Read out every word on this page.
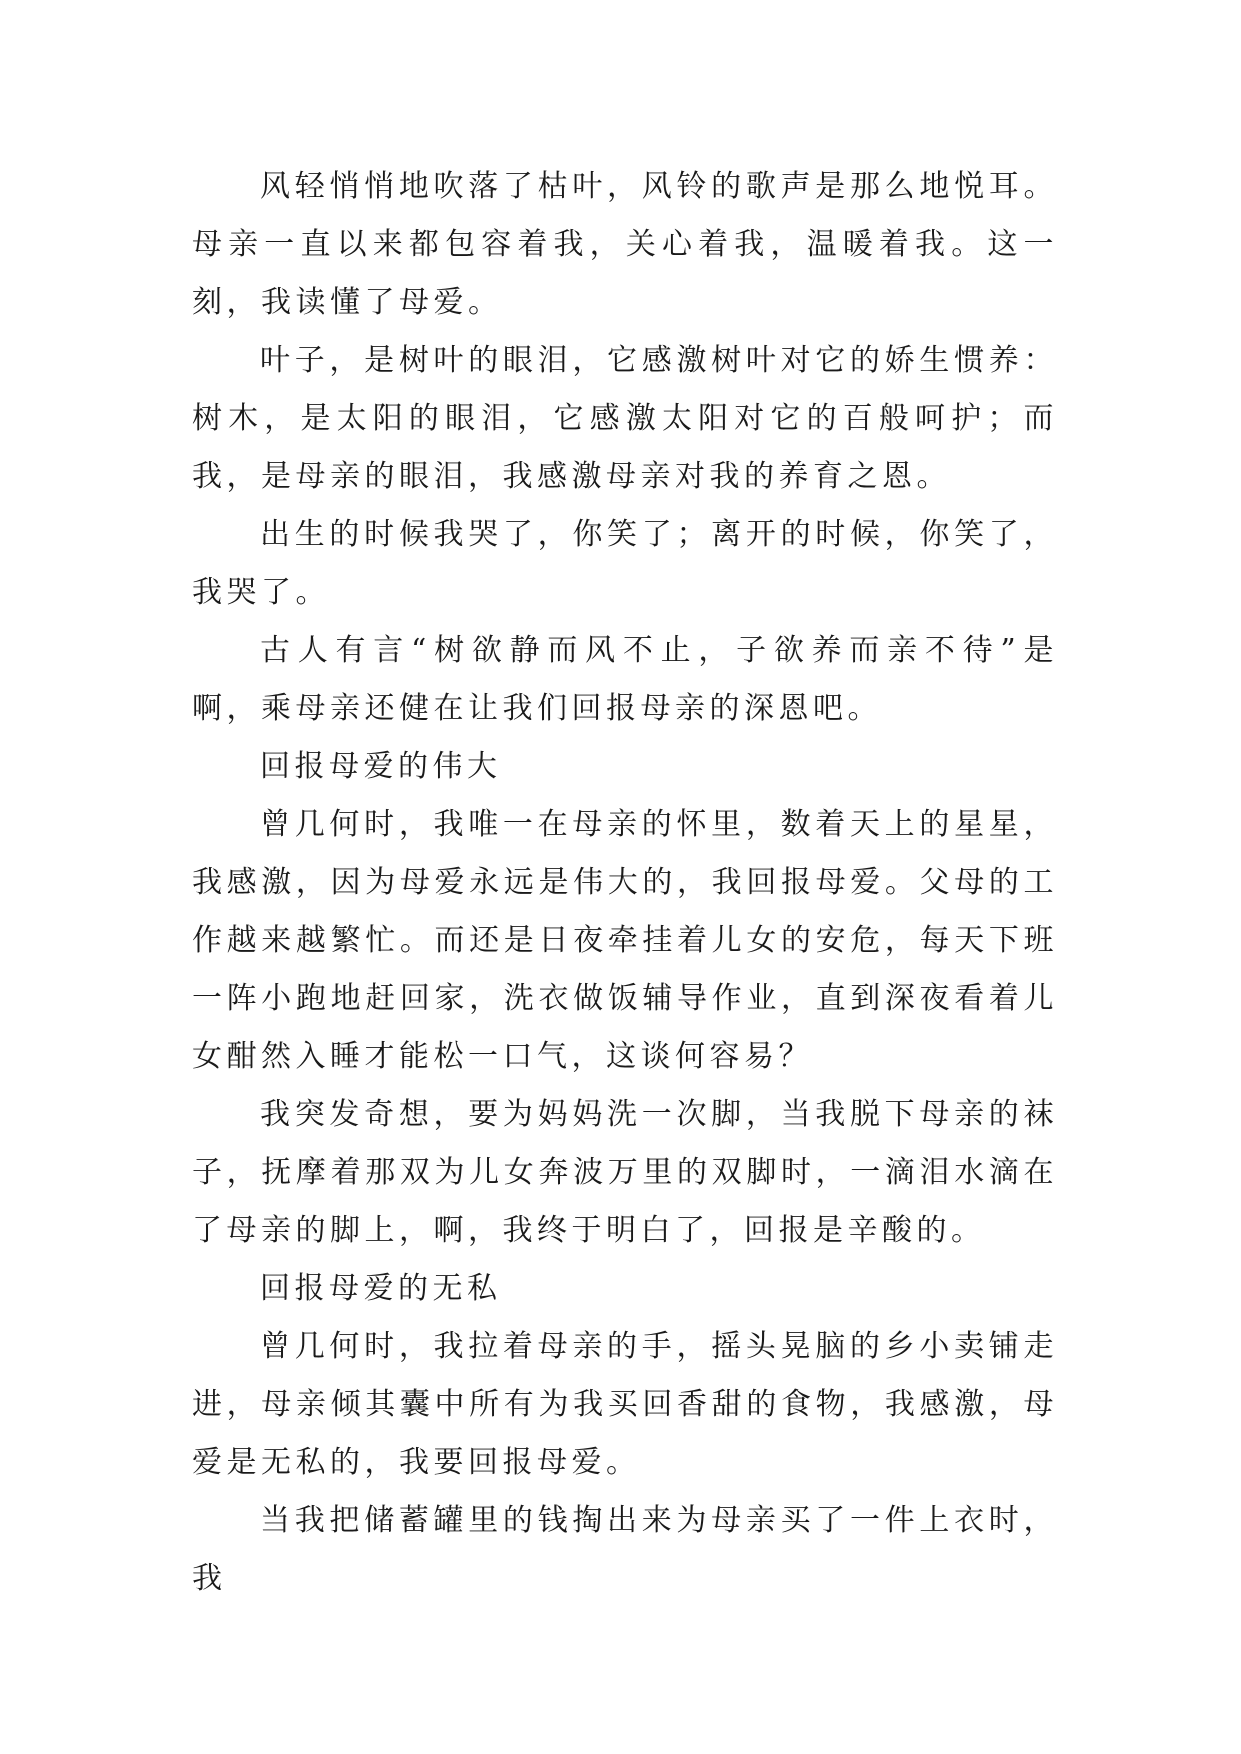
风轻悄悄地吹落了枯叶，风铃的歌声是那么地悦耳。母亲一直以来都包容着我，关心着我，温暖着我。这一刻，我读懂了母爱。

叶子，是树叶的眼泪，它感激树叶对它的娇生惯养：树木，是太阳的眼泪，它感激太阳对它的百般呵护；而我，是母亲的眼泪，我感激母亲对我的养育之恩。

出生的时候我哭了，你笑了；离开的时候，你笑了，我哭了。

古人有言“树欲静而风不止，子欲养而亲不待”是啊，乘母亲还健在让我们回报母亲的深恩吧。

回报母爱的伟大

曾几何时，我唯一在母亲的怀里，数着天上的星星，我感激，因为母爱永远是伟大的，我回报母爱。父母的工作越来越繁忙。而还是日夜牵挂着儿女的安危，每天下班一阵小跑地赶回家，洗衣做饭辅导作业，直到深夜看着儿女酣然入睡才能松一口气，这谈何容易？

我突发奇想，要为妈妈洗一次脚，当我脱下母亲的袜子，抚摩着那双为儿女奔波万里的双脚时，一滴泪水滴在了母亲的脚上，啊，我终于明白了，回报是辛酸的。

回报母爱的无私

曾几何时，我拉着母亲的手，摇头晃脑的乡小卖铺走进，母亲倾其囊中所有为我买回香甜的食物，我感激，母爱是无私的，我要回报母爱。

当我把储蓄罐里的钱掏出来为母亲买了一件上衣时，我
